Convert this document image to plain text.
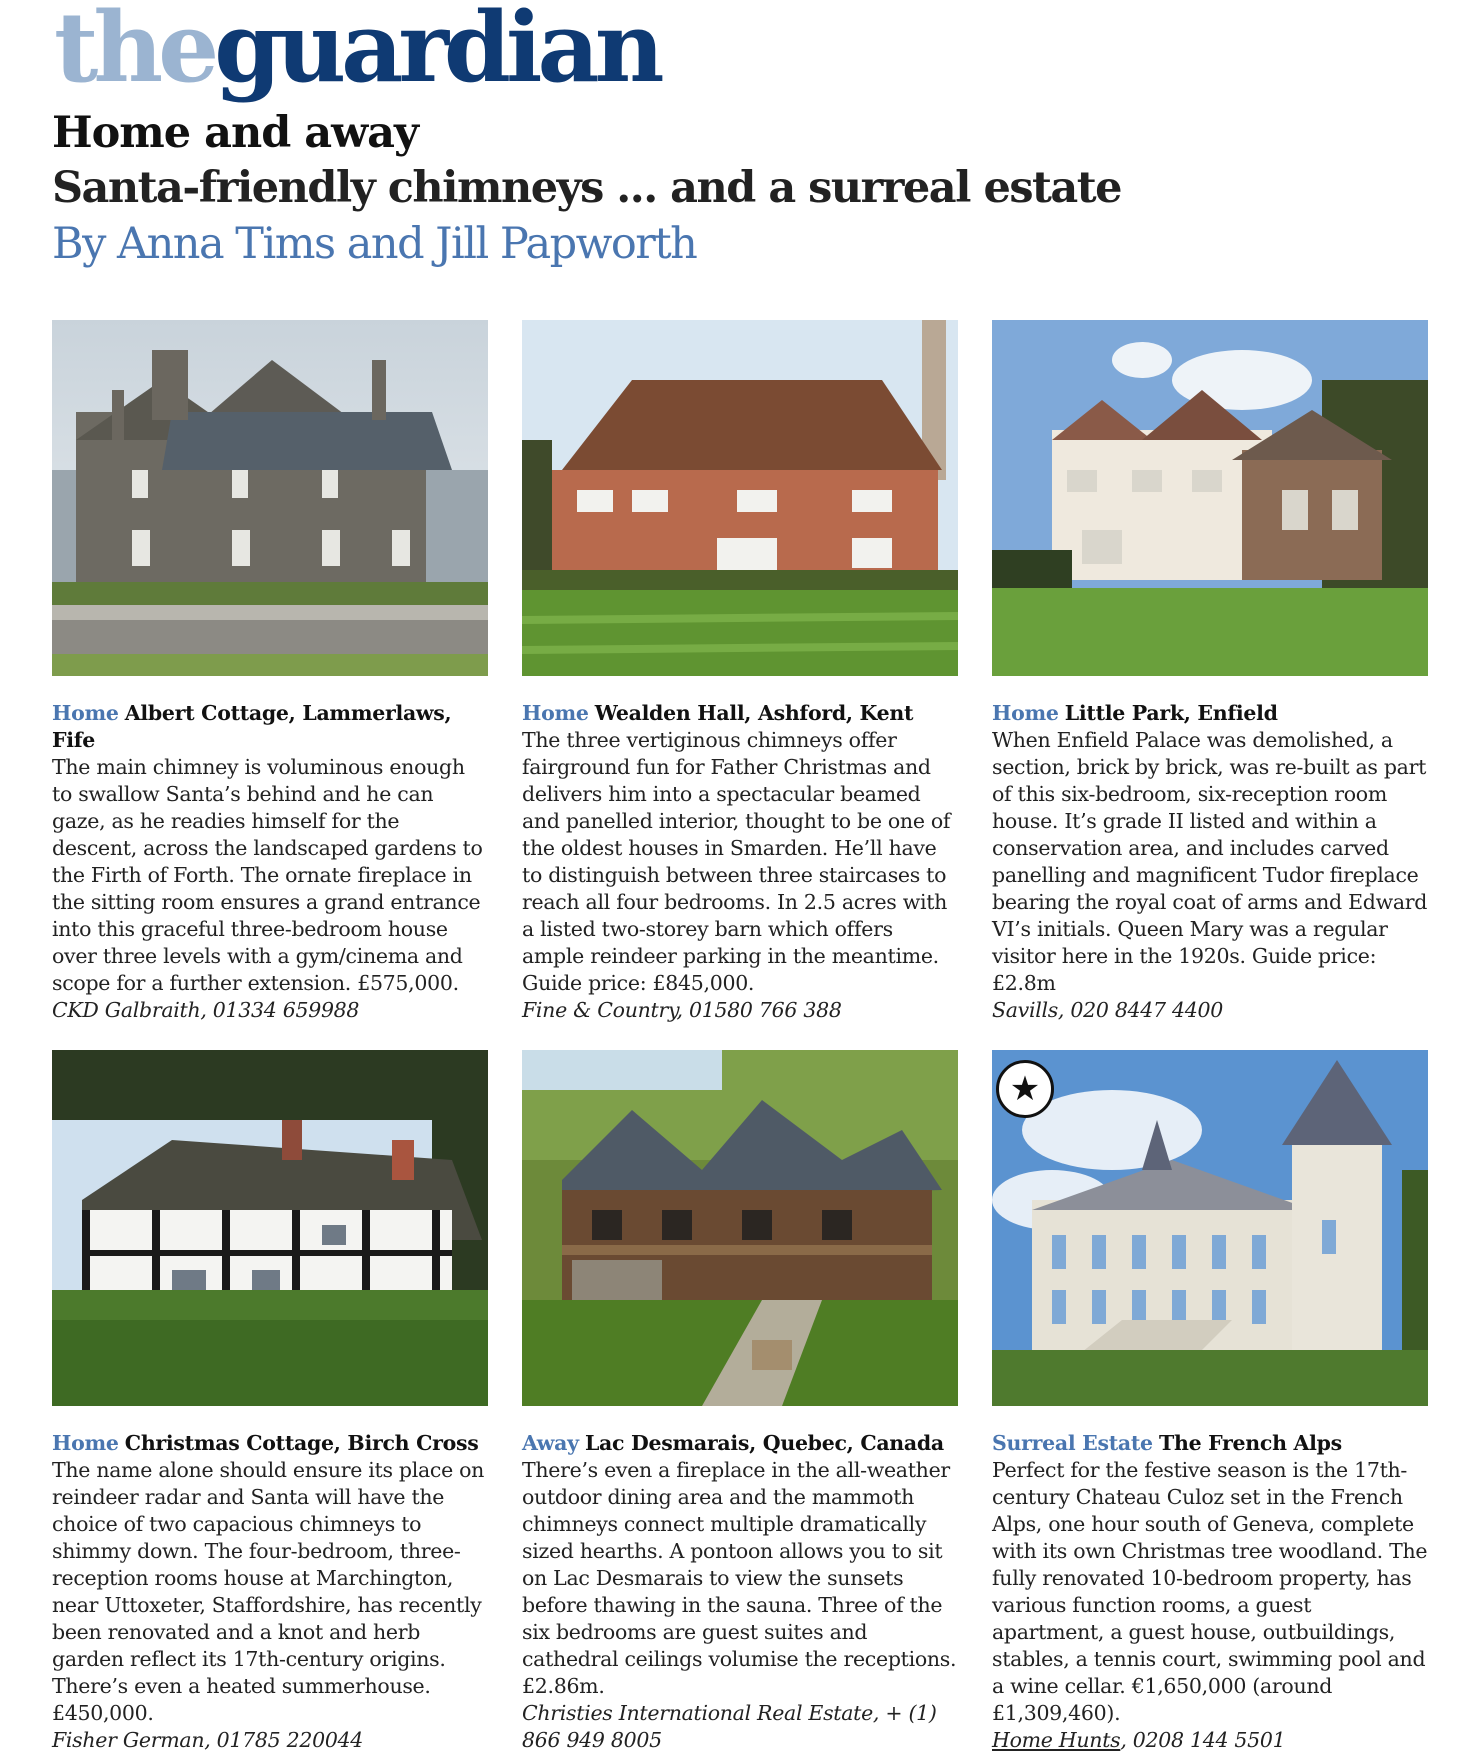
theguardian
Home and away
Santa-friendly chimneys ... and a surreal estate
By Anna Tims and Jill Papworth
Home Albert Cottage, Lammerlaws, Fife
The main chimney is voluminous enough to swallow Santa’s behind and he can gaze, as he readies himself for the descent, across the landscaped gardens to the Firth of Forth. The ornate fireplace in the sitting room ensures a grand entrance into this graceful three-bedroom house over three levels with a gym/cinema and scope for a further extension. £575,000.
CKD Galbraith, 01334 659988
Home Wealden Hall, Ashford, Kent
The three vertiginous chimneys offer fairground fun for Father Christmas and delivers him into a spectacular beamed and panelled interior, thought to be one of the oldest houses in Smarden. He’ll have to distinguish between three staircases to reach all four bedrooms. In 2.5 acres with a listed two-storey barn which offers ample reindeer parking in the meantime. Guide price: £845,000.
Fine & Country, 01580 766 388
Home Little Park, Enfield
When Enfield Palace was demolished, a section, brick by brick, was re-built as part of this six-bedroom, six-reception room house. It’s grade II listed and within a conservation area, and includes carved panelling and magnificent Tudor fireplace bearing the royal coat of arms and Edward VI’s initials. Queen Mary was a regular visitor here in the 1920s. Guide price: £2.8m
Savills, 020 8447 4400
Home Christmas Cottage, Birch Cross
The name alone should ensure its place on reindeer radar and Santa will have the choice of two capacious chimneys to shimmy down. The four-bedroom, three-reception rooms house at Marchington, near Uttoxeter, Staffordshire, has recently been renovated and a knot and herb garden reflect its 17th-century origins. There’s even a heated summerhouse. £450,000.
Fisher German, 01785 220044
Away Lac Desmarais, Quebec, Canada
There’s even a fireplace in the all-weather outdoor dining area and the mammoth chimneys connect multiple dramatically sized hearths. A pontoon allows you to sit on Lac Desmarais to view the sunsets before thawing in the sauna. Three of the six bedrooms are guest suites and cathedral ceilings volumise the receptions. £2.86m.
Christies International Real Estate, + (1) 866 949 8005
★
Surreal Estate The French Alps
Perfect for the festive season is the 17th-century Chateau Culoz set in the French Alps, one hour south of Geneva, complete with its own Christmas tree woodland. The fully renovated 10-bedroom property, has various function rooms, a guest apartment, a guest house, outbuildings, stables, a tennis court, swimming pool and a wine cellar. €1,650,000 (around £1,309,460).
Home Hunts, 0208 144 5501
